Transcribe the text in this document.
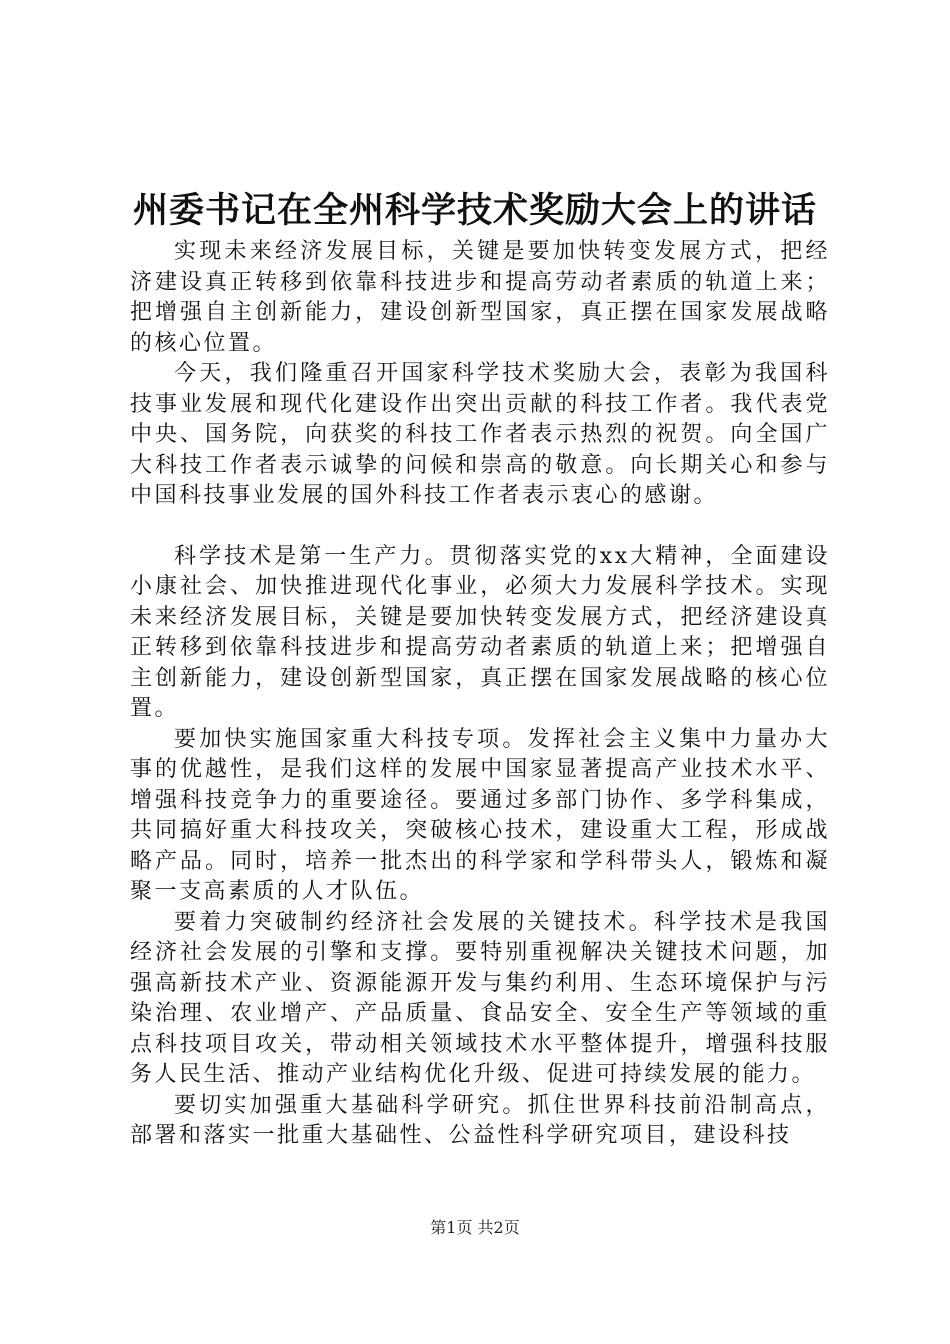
州委书记在全州科学技术奖励大会上的讲话

实现未来经济发展目标，关键是要加快转变发展方式，把经济建设真正转移到依靠科技进步和提高劳动者素质的轨道上来；把增强自主创新能力，建设创新型国家，真正摆在国家发展战略的核心位置。

今天，我们隆重召开国家科学技术奖励大会，表彰为我国科技事业发展和现代化建设作出突出贡献的科技工作者。我代表党中央、国务院，向获奖的科技工作者表示热烈的祝贺。向全国广大科技工作者表示诚挚的问候和崇高的敬意。向长期关心和参与中国科技事业发展的国外科技工作者表示衷心的感谢。

科学技术是第一生产力。贯彻落实党的xx大精神，全面建设小康社会、加快推进现代化事业，必须大力发展科学技术。实现未来经济发展目标，关键是要加快转变发展方式，把经济建设真正转移到依靠科技进步和提高劳动者素质的轨道上来；把增强自主创新能力，建设创新型国家，真正摆在国家发展战略的核心位置。

要加快实施国家重大科技专项。发挥社会主义集中力量办大事的优越性，是我们这样的发展中国家显著提高产业技术水平、增强科技竞争力的重要途径。要通过多部门协作、多学科集成，共同搞好重大科技攻关，突破核心技术，建设重大工程，形成战略产品。同时，培养一批杰出的科学家和学科带头人，锻炼和凝聚一支高素质的人才队伍。

要着力突破制约经济社会发展的关键技术。科学技术是我国经济社会发展的引擎和支撑。要特别重视解决关键技术问题，加强高新技术产业、资源能源开发与集约利用、生态环境保护与污染治理、农业增产、产品质量、食品安全、安全生产等领域的重点科技项目攻关，带动相关领域技术水平整体提升，增强科技服务人民生活、推动产业结构优化升级、促进可持续发展的能力。

要切实加强重大基础科学研究。抓住世界科技前沿制高点，部署和落实一批重大基础性、公益性科学研究项目，建设科技

第1页 共2页
